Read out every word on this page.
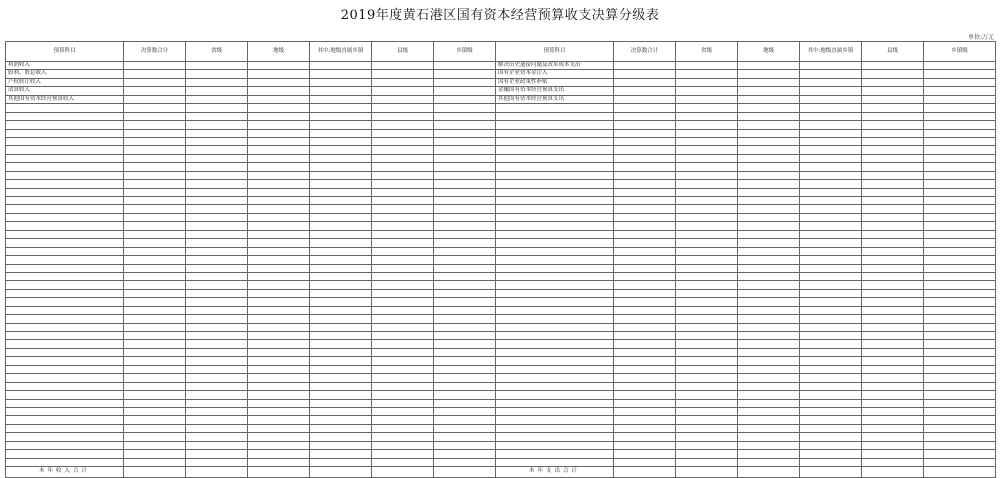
2019年度黄石港区国有资本经营预算收支决算分级表
单位:万元
预算科目	决算数合计	省级	地级	其中:地级直属乡镇	县级	乡镇级	预算科目	决算数合计	省级	地级	其中:地级直属乡镇	县级	乡镇级
利润收入							解决历史遗留问题及改革成本支出						
股利、股息收入							国有企业资本金注入						
产权转让收入							国有企业政策性补贴						
清算收入							金融国有资本经营预算支出						
其他国有资本经营预算收入							其他国有资本经营预算支出						

本年收入合计							本年支出合计						
